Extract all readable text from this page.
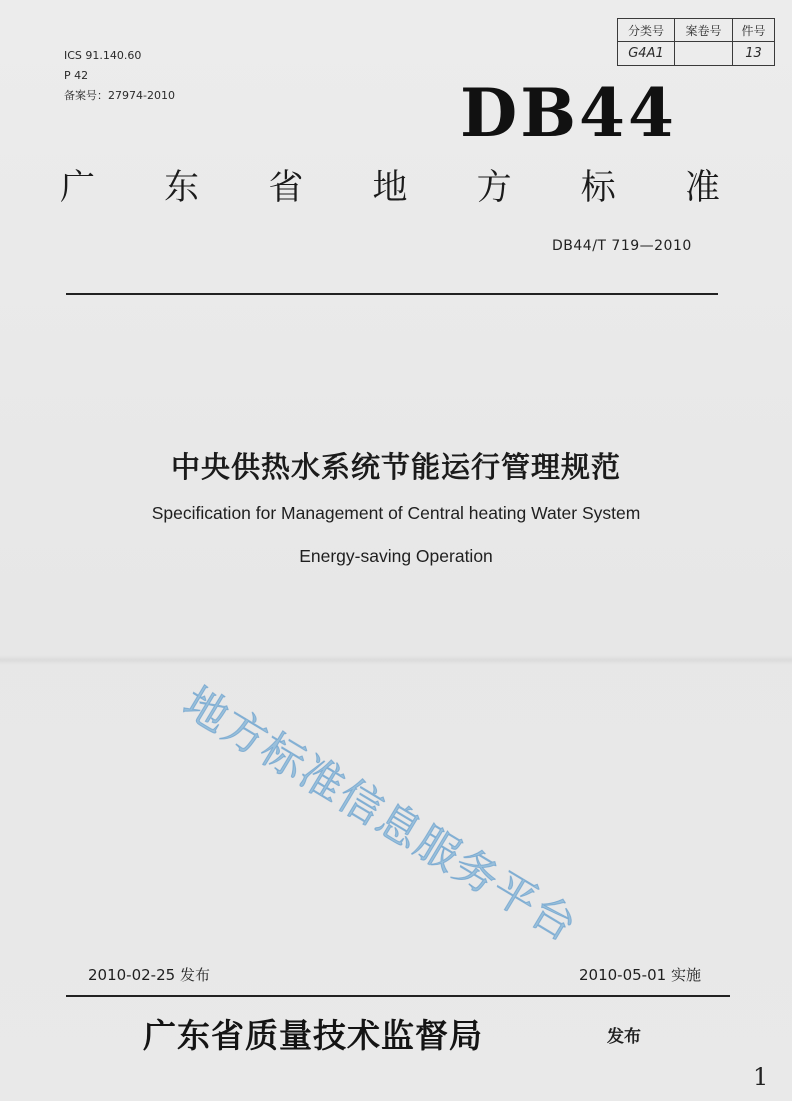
ICS 91.140.60
P 42
备案号：27974-2010
分类号	案卷号	件号
G4A1		13
DB44
广 东 省 地 方 标 准
DB44/T 719—2010
中央供热水系统节能运行管理规范
Specification for Management of Central heating Water System
Energy-saving Operation
地方标准信息服务平台
2010-02-25 发布	2010-05-01 实施
广东省质量技术监督局	发布
1
